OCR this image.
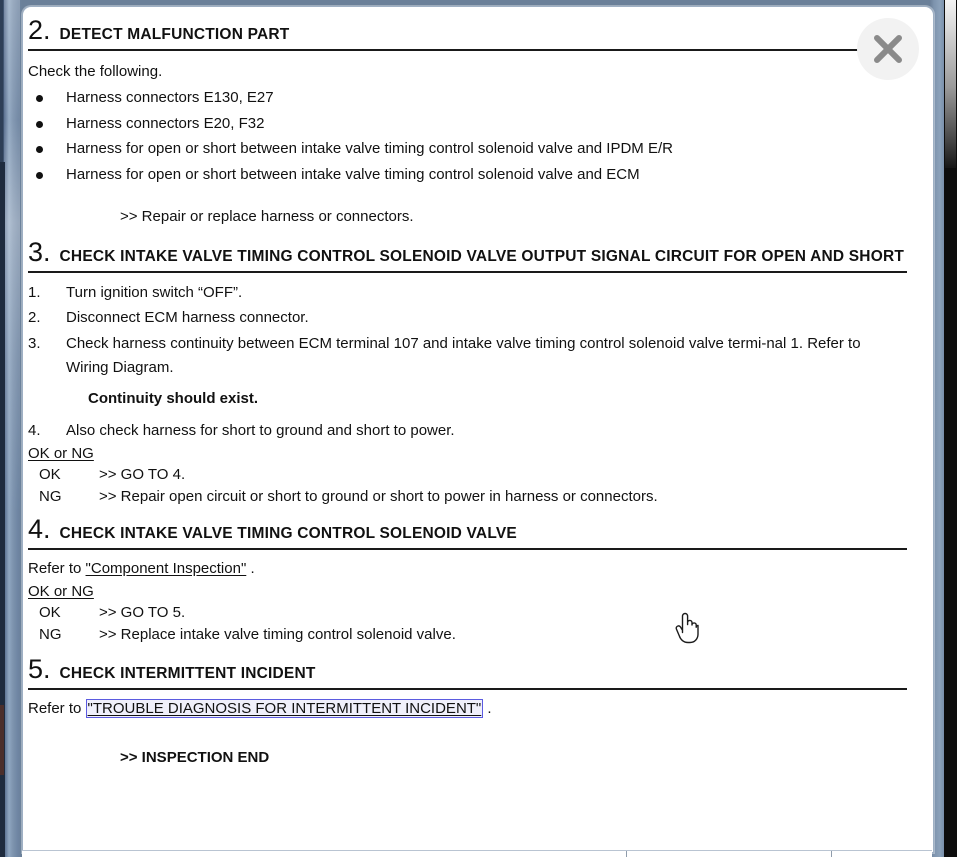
2. DETECT MALFUNCTION PART

Check the following.

Harness connectors E130, E27
Harness connectors E20, F32
Harness for open or short between intake valve timing control solenoid valve and IPDM E/R
Harness for open or short between intake valve timing control solenoid valve and ECM
>> Repair or replace harness or connectors.
3. CHECK INTAKE VALVE TIMING CONTROL SOLENOID VALVE OUTPUT SIGNAL CIRCUIT FOR OPEN AND SHORT
1.	Turn ignition switch “OFF”.
2.	Disconnect ECM harness connector.
3.	Check harness continuity between ECM terminal 107 and intake valve timing control solenoid valve termi-nal 1. Refer to Wiring Diagram.
Continuity should exist.
4.	Also check harness for short to ground and short to power.
OK or NG
OK	>> GO TO 4.
NG	>> Repair open circuit or short to ground or short to power in harness or connectors.
4. CHECK INTAKE VALVE TIMING CONTROL SOLENOID VALVE

Refer to "Component Inspection" .

OK or NG
OK	>> GO TO 5.
NG	>> Replace intake valve timing control solenoid valve.
5. CHECK INTERMITTENT INCIDENT

Refer to "TROUBLE DIAGNOSIS FOR INTERMITTENT INCIDENT" .

>> INSPECTION END
